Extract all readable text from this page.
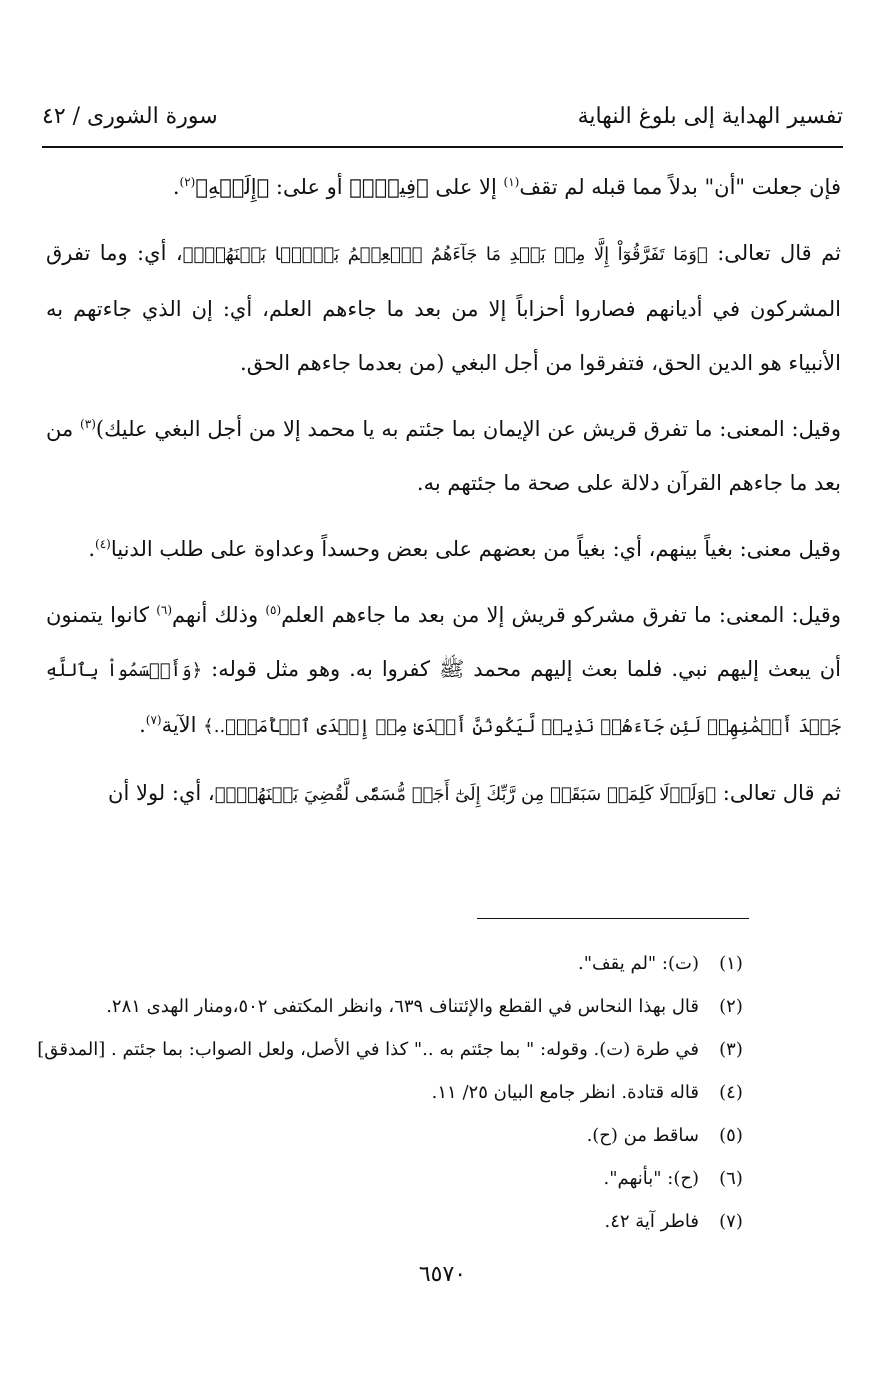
تفسير الهداية إلى بلوغ النهاية
سورة الشورى / ٤٢

فإن جعلت "أن" بدلاً مما قبله لم تقف$^{(١)}$ إلا على ﴿فِيهِۚ﴾ أو على: ﴿إِلَيۡهِ﴾$^{(٢)}$.

ثم قال تعالى: ﴿وَمَا تَفَرَّقُوٓاْ إِلَّا مِنۢ بَعۡدِ مَا جَآءَهُمُ ٱلۡعِلۡمُ بَغۡيَۢا بَيۡنَهُمۡۚ﴾، أي: وما تفرق المشركون في أديانهم فصاروا أحزاباً إلا من بعد ما جاءهم العلم، أي: إن الذي جاءتهم به الأنبياء هو الدين الحق، فتفرقوا من أجل البغي (من بعدما جاءهم الحق.

وقيل: المعنى: ما تفرق قريش عن الإيمان بما جئتم به يا محمد إلا من أجل البغي عليك)$^{(٣)}$ من بعد ما جاءهم القرآن دلالة على صحة ما جئتهم به.

وقيل معنى: بغياً بينهم، أي: بغياً من بعضهم على بعض وحسداً وعداوة على طلب الدنيا$^{(٤)}$.

وقيل: المعنى: ما تفرق مشركو قريش إلا من بعد ما جاءهم العلم$^{(٥)}$ وذلك أنهم$^{(٦)}$ كانوا يتمنون أن يبعث إليهم نبي. فلما بعث إليهم محمد ﷺ كفروا به. وهو مثل قوله: ﴿وَأَقۡسَمُواْ بِٱللَّهِ جَهۡدَ أَيۡمَٰنِهِمۡ لَئِن جَآءَهُمۡ نَذِيرٞ لَّيَكُونُنَّ أَهۡدَىٰ مِنۡ إِحۡدَى ٱلۡأُمَمِۖ..﴾ الآية$^{(٧)}$.

ثم قال تعالى: ﴿وَلَوۡلَا كَلِمَةٞ سَبَقَتۡ مِن رَّبِّكَ إِلَىٰٓ أَجَلٖ مُّسَمّٗى لَّقُضِيَ بَيۡنَهُمۡۚ﴾، أي: لولا أن

(١)
(ت): "لم يقف".
(٢)
قال بهذا النحاس في القطع والإئتناف ٦٣٩، وانظر المكتفى ٥٠٢،ومنار الهدى ٢٨١.
(٣)
في طرة (ت). وقوله: " بما جئتم به .." كذا في الأصل، ولعل الصواب: بما جئتم . [المدقق]
(٤)
قاله قتادة. انظر جامع البيان ٢٥/ ١١.
(٥)
ساقط من (ح).
(٦)
(ح): "بأنهم".
(٧)
فاطر آية ٤٢.
٦٥٧٠
